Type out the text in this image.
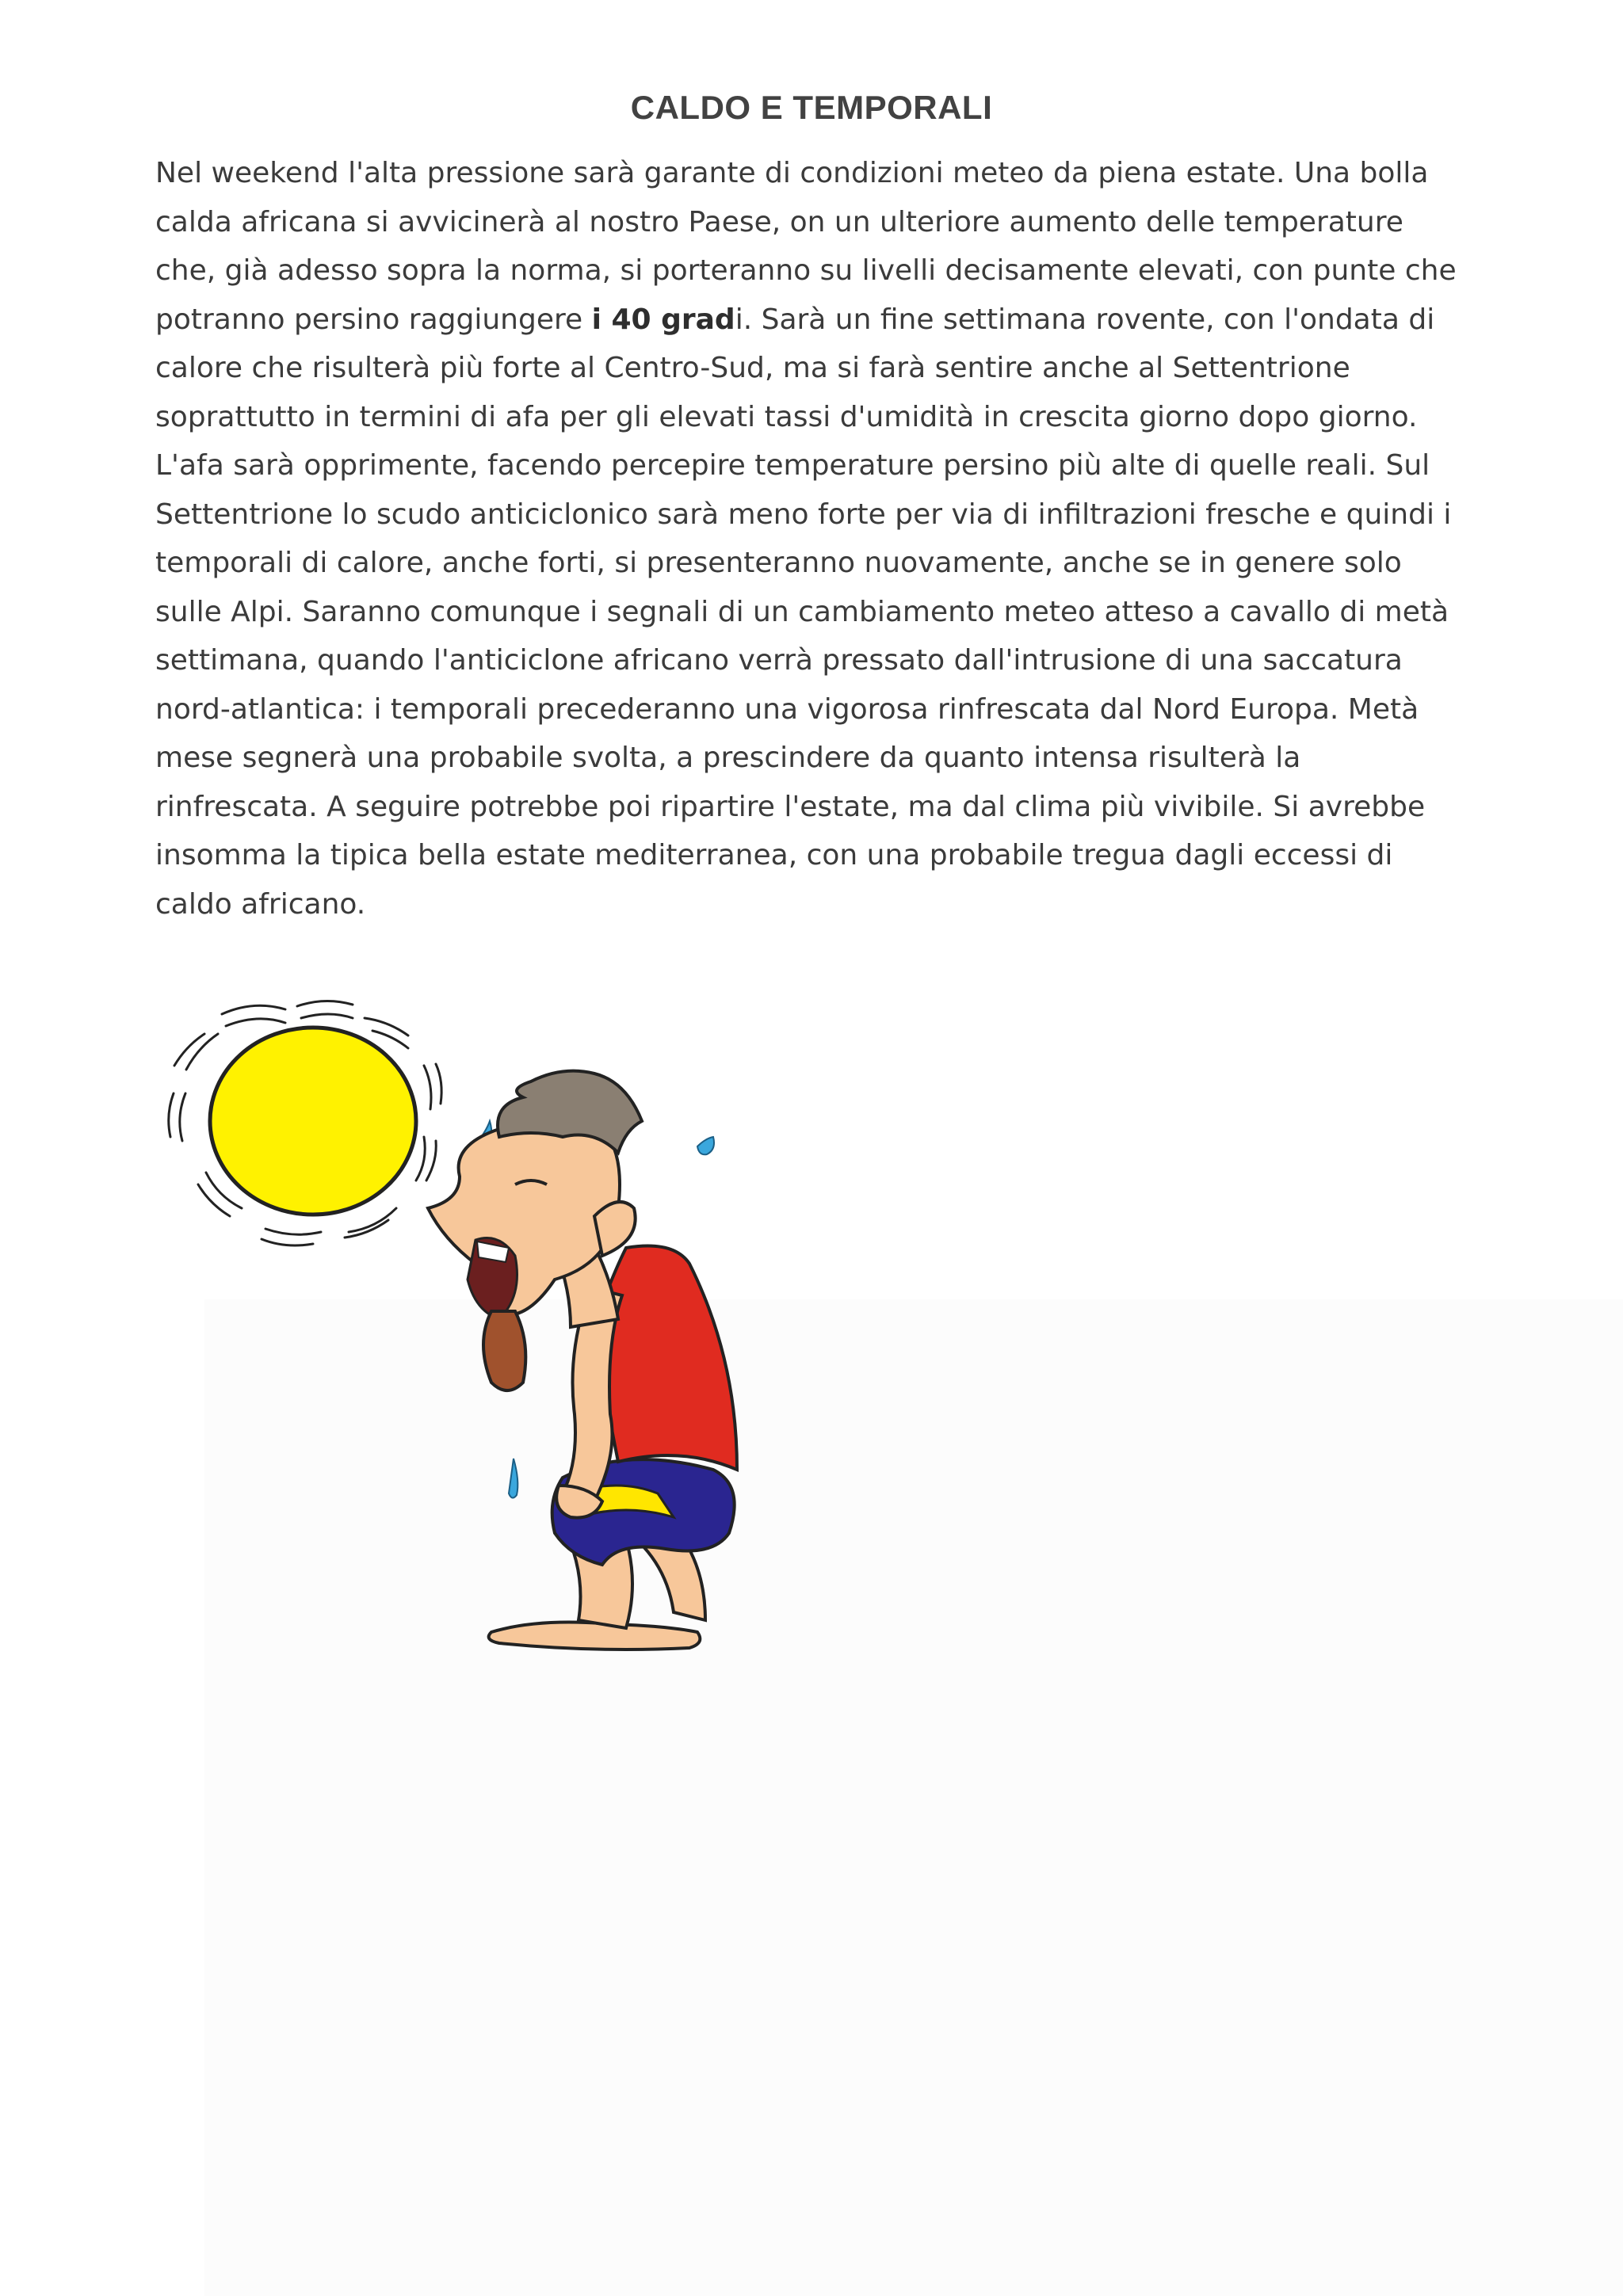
CALDO E TEMPORALI

Nel weekend l'alta pressione sarà garante di condizioni meteo da piena estate. Una bolla

calda africana si avvicinerà al nostro Paese, on un ulteriore aumento delle temperature

che, già adesso sopra la norma, si porteranno su livelli decisamente elevati, con punte che

potranno persino raggiungere i 40 gradi. Sarà un fine settimana rovente, con l'ondata di

calore che risulterà più forte al Centro-Sud, ma si farà sentire anche al Settentrione

soprattutto in termini di afa per gli elevati tassi d'umidità in crescita giorno dopo giorno.

L'afa sarà opprimente, facendo percepire temperature persino più alte di quelle reali. Sul

Settentrione lo scudo anticiclonico sarà meno forte per via di infiltrazioni fresche e quindi i

temporali di calore, anche forti, si presenteranno nuovamente, anche se in genere solo

sulle Alpi. Saranno comunque i segnali di un cambiamento meteo atteso a cavallo di metà

settimana, quando l'anticiclone africano verrà pressato dall'intrusione di una saccatura

nord-atlantica: i temporali precederanno una vigorosa rinfrescata dal Nord Europa. Metà

mese segnerà una probabile svolta, a prescindere da quanto intensa risulterà la

rinfrescata. A seguire potrebbe poi ripartire l'estate, ma dal clima più vivibile. Si avrebbe

insomma la tipica bella estate mediterranea, con una probabile tregua dagli eccessi di

caldo africano.
